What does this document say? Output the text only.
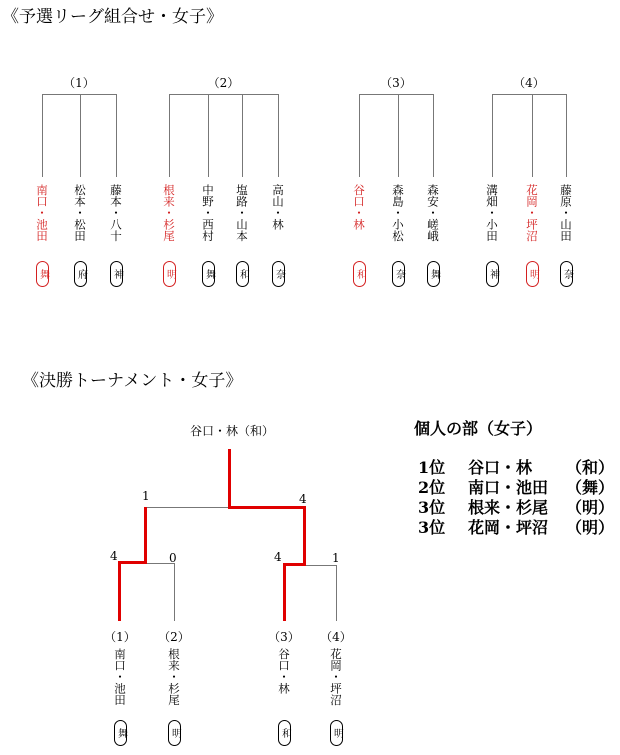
《予選リーグ組合せ・女子》
（1）
南口・池田
舞
松本・松田
府
藤本・八十
神
（2）
根来・杉尾
明
中野・西村
舞
塩路・山本
和
高山・林
奈
（3）
谷口・林
和
森島・小松
奈
森安・嵯峨
舞
（4）
溝畑・小田
神
花岡・坪沼
明
藤原・山田
奈
《決勝トーナメント・女子》
谷口・林（和）
1	4
4	0	4	1
（1）
南口・池田
舞
（2）
根来・杉尾
明
（3）
谷口・林
和
（4）
花岡・坪沼
明
個人の部（女子）
1位 谷口・林 （和）
2位 南口・池田 （舞）
3位 根来・杉尾 （明）
3位 花岡・坪沼 （明）
